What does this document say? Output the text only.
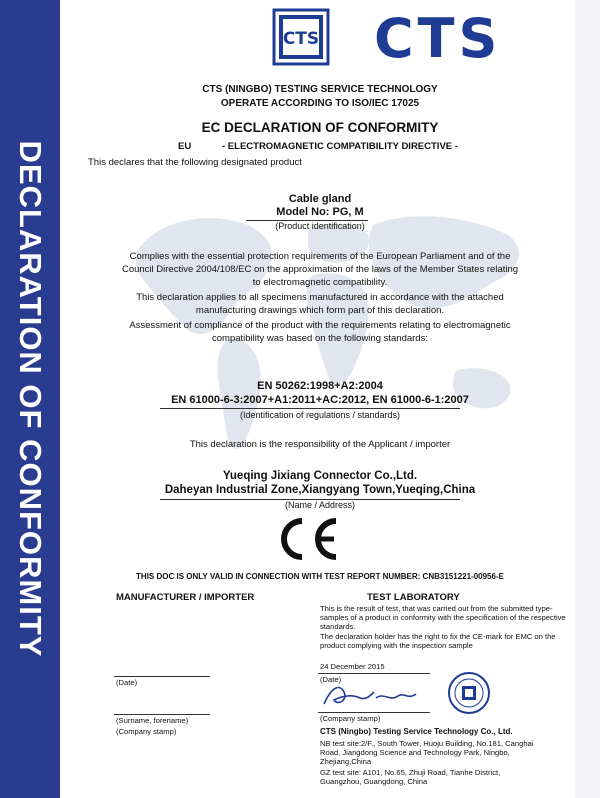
DECLARATION OF CONFORMITY
CTS CTS
CTS (NINGBO) TESTING SERVICE TECHNOLOGY
OPERATE ACCORDING TO ISO/IEC 17025
EC DECLARATION OF CONFORMITY
EU	- ELECTROMAGNETIC COMPATIBILITY DIRECTIVE -
This declares that the following designated product
Cable gland
Model No: PG, M
(Product identification)
Complies with the essential protection requirements of the European Parliament and of the
Council Directive 2004/108/EC on the approximation of the laws of the Member States relating
to electromagnetic compatibility.
This declaration applies to all specimens manufactured in accordance with the attached
manufacturing drawings which form part of this declaration.
Assessment of compliance of the product with the requirements relating to electromagnetic
compatibility was based on the following standards:
EN 50262:1998+A2:2004
EN 61000-6-3:2007+A1:2011+AC:2012, EN 61000-6-1:2007
(Identification of regulations / standards)
This declaration is the responsibility of the Applicant / importer
Yueqing Jixiang Connector Co.,Ltd.
Daheyan Industrial Zone,Xiangyang Town,Yueqing,China
(Name / Address)
CE
THIS DOC IS ONLY VALID IN CONNECTION WITH TEST REPORT NUMBER: CNB3151221-00956-E
MANUFACTURER / IMPORTER
(Date)
(Surname, forename)
(Company stamp)
TEST LABORATORY
This is the result of test, that was carried out from the submitted type-samples of a product in conformity with the specification of the respective standards.
The declaration holder has the right to fix the CE-mark for EMC on the product complying with the inspection sample
24 December 2015
(Date)
(Company stamp)
CTS (Ningbo) Testing Service Technology Co., Ltd.
NB test site:2/F., South Tower, Huoju Building, No.181, Canghai Road, Jiangdong Science and Technology Park, Ningbo, Zhejiang,China
GZ test site: A101, No.65, Zhuji Road, Tianhe District, Guangzhou, Guangdong, China
